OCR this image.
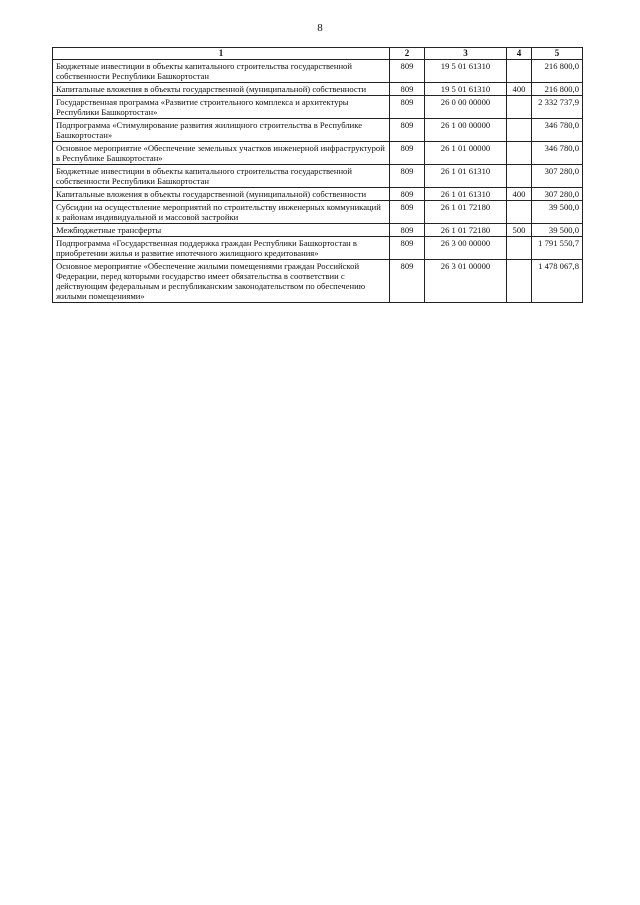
8
1	2	3	4	5
Бюджетные инвестиции в объекты капитального строительства государственной собственности Республики Башкортостан	809	19 5 01 61310		216 800,0
Капитальные вложения в объекты государственной (муниципальной) собственности	809	19 5 01 61310	400	216 800,0
Государственная программа «Развитие строительного комплекса и архитектуры Республики Башкортостан»	809	26 0 00 00000		2 332 737,9
Подпрограмма «Стимулирование развития жилищного строительства в Республике Башкортостан»	809	26 1 00 00000		346 780,0
Основное мероприятие «Обеспечение земельных участков инженерной инфраструктурой в Республике Башкортостан»	809	26 1 01 00000		346 780,0
Бюджетные инвестиции в объекты капитального строительства государственной собственности Республики Башкортостан	809	26 1 01 61310		307 280,0
Капитальные вложения в объекты государственной (муниципальной) собственности	809	26 1 01 61310	400	307 280,0
Субсидии на осуществление мероприятий по строительству инженерных коммуникаций к районам индивидуальной и массовой застройки	809	26 1 01 72180		39 500,0
Межбюджетные трансферты	809	26 1 01 72180	500	39 500,0
Подпрограмма «Государственная поддержка граждан Республики Башкортостан в приобретении жилья и развитие ипотечного жилищного кредитования»	809	26 3 00 00000		1 791 550,7
Основное мероприятие «Обеспечение жилыми помещениями граждан Российской Федерации, перед которыми государство имеет обязательства в соответствии с действующим федеральным и республиканским законодательством по обеспечению жилыми помещениями»	809	26 3 01 00000		1 478 067,8
